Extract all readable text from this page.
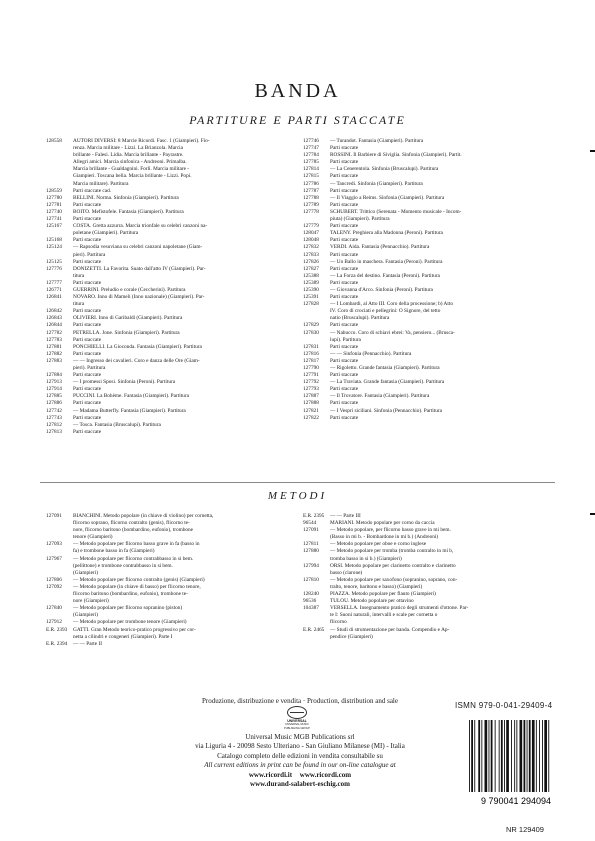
BANDA
PARTITURE E PARTI STACCATE
128558	AUTORI DIVERSI: 8 Marcie Ricordi. Fasc. 1 (Giampieri). Fio-
renza. Marcia militare - Lizzi. La Brianzola. Marcia
brillante - Falesi. Lidia. Marcia brillante - Payrastre.
Allegri amici. Marcia sinfonica - Andreoni. Primalba.
Marcia brillante - Gualdagnini. Forlì. Marcia militare -
Giampieri. Toscana bella. Marcia brillante - Lizzi. Popi.
Marcia militare). Partitura
128559	Parti staccate cad.
127780	BELLINI. Norma. Sinfonia (Giampieri). Partitura
127781	Parti staccate
127740	BOITO. Mefistofele. Fantasia (Giampieri). Partitura
127741	Parti staccate
125167	COSTA. Gretta azzurra. Marcia trionfale su celebri canzoni na-
poletane (Giampieri). Partitura
125168	Parti staccate
125124	— Rapsodia vesuviana su celebri canzoni napoletane (Giam-
pieri). Partitura
125125	Parti staccate
127776	DONIZETTI. La Favorita. Suato dall'atto IV (Giampieri). Par-
titura
127777	Parti staccate
126771	GUERRINI. Preludio e corale (Ceccherini). Partitura
126841	NOVARO. Inno di Mameli (Inno nazionale) (Giampieri). Par-
titura
126842	Parti staccate
126843	OLIVIERI. Inno di Garibaldi (Giampieri). Partitura
126844	Parti staccate
127782	PETRELLA. Jone. Sinfonia (Giampieri). Partitura
127783	Parti staccate
127881	PONCHIELLI. La Gioconda. Fantasia (Giampieri). Partitura
127882	Parti staccate
127883	— — Ingresso dei cavalieri. Coro e danza delle Ore (Giam-
pieri). Partitura
127884	Parti staccate
127913	— I promessi Sposi. Sinfonia (Peroni). Partitura
127914	Parti staccate
127885	PUCCINI. La Bohème. Fantasia (Giampieri). Partitura
127886	Parti staccate
127742	— Madama Butterfly. Fantasia (Giampieri). Partitura
127743	Parti staccate
127812	— Tosca. Fantasia (Bruscalupi). Partitura
127813	Parti staccate
127746	— Turandot. Fantasia (Giampieri). Partitura
127747	Parti staccate
127784	ROSSINI. Il Barbiere di Siviglia. Sinfonia (Giampieri). Partit.
127785	Parti staccate
127814	— La Cenerentola. Sinfonia (Bruscalupi). Partitura
127815	Parti staccate
127786	— Tancredi. Sinfonia (Giampieri). Partitura
127787	Parti staccate
127788	— Il Viaggio a Reims. Sinfonia (Giampieri). Partitura
127789	Parti staccate
127778	SCHUBERT. Trittico (Serenata - Momento musicale - Incom-
piuta) (Giampieri). Partitura
127779	Parti staccate
128047	TALENY. Preghiera alla Madonna (Peroni). Partitura
128048	Parti staccate
127832	VERDI. Aida. Fantasia (Pennacchio). Partitura
127833	Parti staccate
127826	— Un Ballo in maschera. Fantasia (Peroni). Partitura
127827	Parti staccate
125388	— La Forza del destino. Fantasia (Peroni). Partitura
125389	Parti staccate
125390	— Giovanna d'Arco. Sinfonia (Peroni). Partitura
125391	Parti staccate
127828	— I Lombardi, al Atto III. Coro della processione; b) Atto
IV. Coro di crociati e pellegrini: O Signore, del tetto
natio (Bruscalupi). Partitura
127829	Parti staccate
127830	— Nabucco. Coro di schiavi ebrei: Va, pensiero... (Brusca-
lupi). Partitura
127831	Parti staccate
127816	— — Sinfonia (Pennacchio). Partitura
127817	Parti staccate
127790	— Rigoletto. Grande fantasia (Giampieri). Partitura
127791	Parti staccate
127792	— La Traviata. Grande fantasia (Giampieri). Partitura
127793	Parti staccate
127887	— Il Trovatore. Fantasia (Giampieri). Partitura
127888	Parti staccate
127821	— I Vespri siciliani. Sinfonia (Pennacchio). Partitura
127822	Parti staccate
METODI
127091	BIANCHINI. Metodo popolare (in chiave di violino) per cornetta,
flicorno soprano, flicorno contralto (genis), flicorno te-
nore, flicorno baritono (bombardino, eufonio), trombone
tenore (Giampieri)
127093	— Metodo popolare per flicorno basso grave in fa (basso in
fa) e trombone basso in fa (Giampieri)
127967	— Metodo popolare per flicorno contrabbasso in si bem.
(pellittone) e trombone contrabbasso in si bem.
(Giampieri)
127806	— Metodo popolare per flicorno contralto (genis) (Giampieri)
127092	— Metodo popolare (in chiave di basso) per flicorno tenore,
flicorno baritono (bombardino, eufonio), trombone te-
nore (Giampieri)
127840	— Metodo popolare per flicorno sopranino (piston)
(Giampieri)
127912	— Metodo popolare per trombone tenore (Giampieri)
E.R. 2393	GATTI. Gran Metodo teorico-pratico progressivo per cor-
netta a cilindri e congeneri (Giampieri). Parte I
E.R. 2394	— — Parte II
E.R. 2395	— — Parte III
96544	MARIANI. Metodo popolare per corno da caccia
127091	— Metodo popolare, per flicorno basso grave in mi bem.
(Basso in mi b. - Bombardone in mi b.) (Andreoni)
127811	— Metodo popolare per oboe e corno inglese
127880	— Metodo popolare per tromba (tromba contralto in mi b,
tromba basso in si b.) (Giampieri)
127994	ORSI. Metodo popolare per clarinetto contralto e clarinetto
basso (clarone)
127810	— Metodo popolare per saxofono (sopranino, soprano, con-
tralto, tenore, baritono e basso) (Giampieri)
128240	PIAZZA. Metodo popolare per flauto (Giampieri)
96536	TULOU. Metodo popolare per ottavino
104387	VERSELLA. Insegnamento pratico degli strumenti d'ottone. Par-
te I: Suoni naturali, intervalli e scale per cornetta o
flicorno
E.R. 2465	— Studi di strumentazione per banda. Compendio e Ap-
pendice (Giampieri)
Produzione, distribuzione e vendita · Production, distribution and sale
Universal Music MGB Publications srl
via Liguria 4 - 20098 Sesto Ulteriano - San Giuliano Milanese (MI) - Italia
Catalogo completo delle edizioni in vendita consultabile su
All current editions in print can be found in our on-line catalogue at
www.ricordi.it www.ricordi.com
www.durand-salabert-eschig.com
UNIVERSAL
UNIVERSAL MUSIC PUBLISHING GROUP
ISMN 979-0-041-29409-4
9 790041 294094
NR 129409
